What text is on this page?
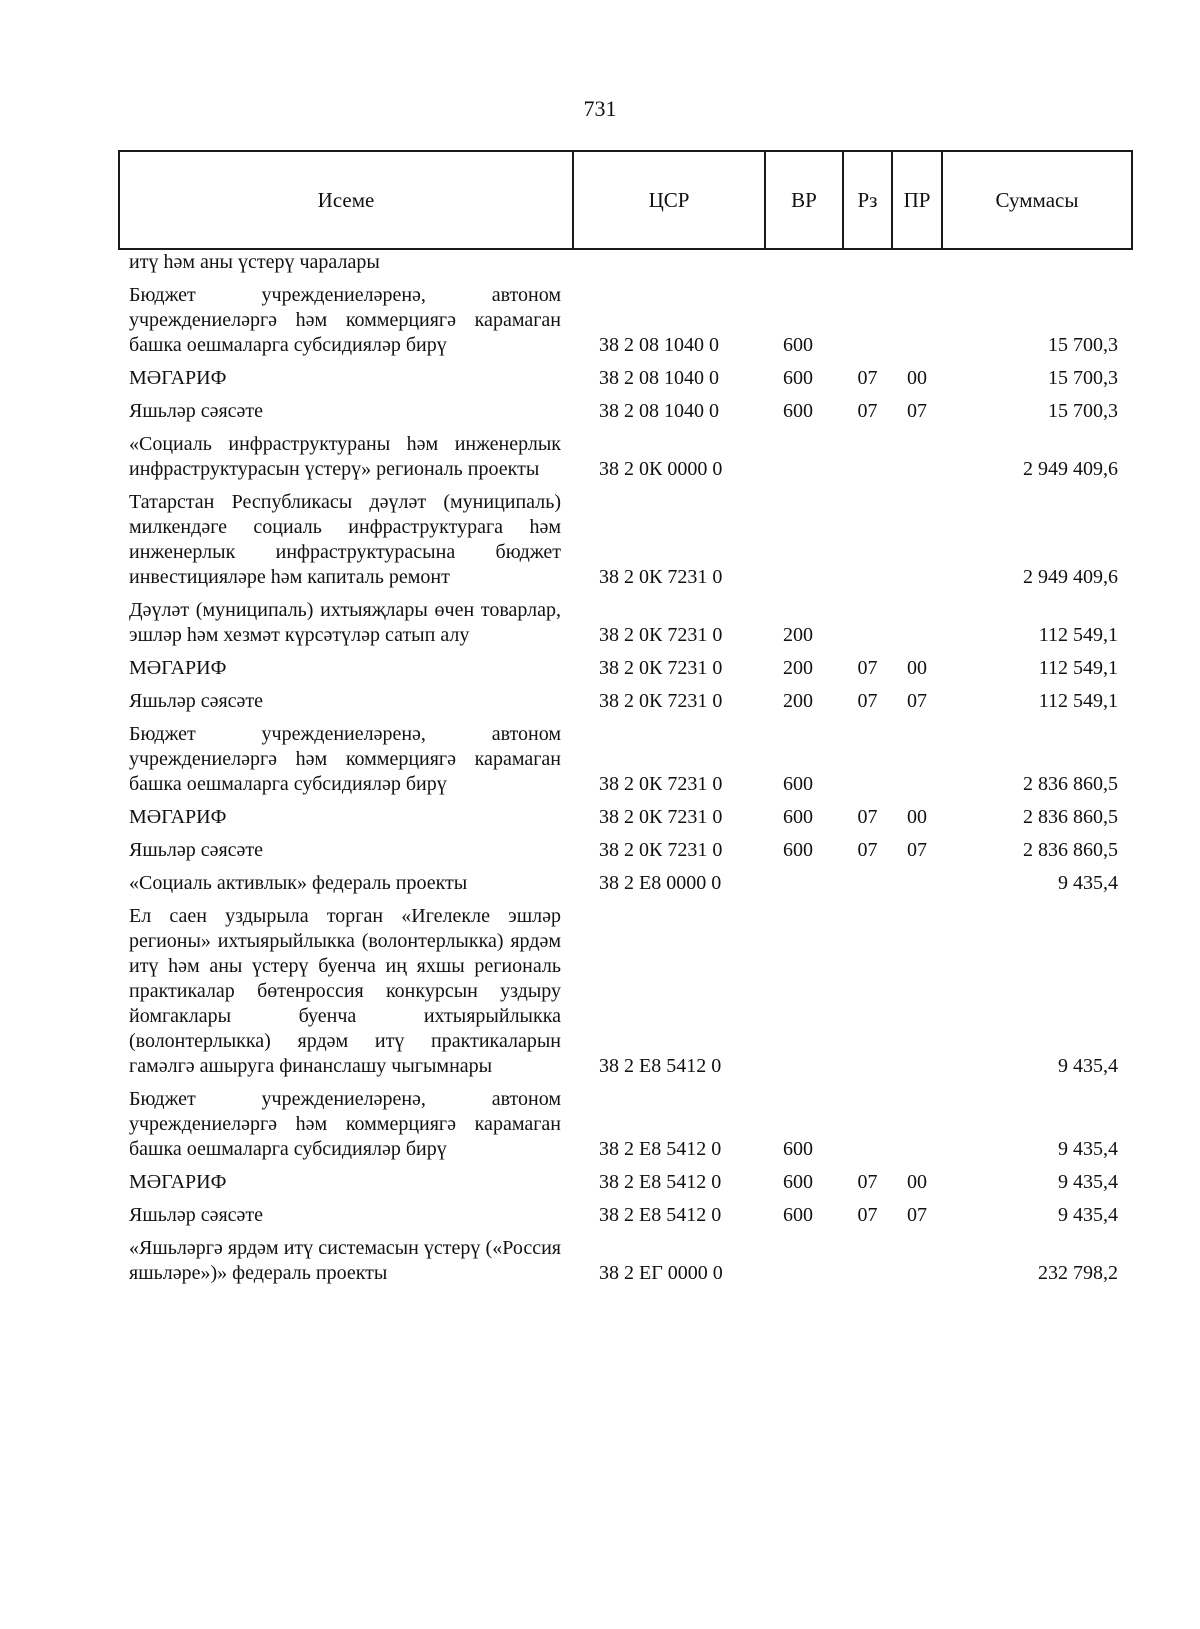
731
Исеме	ЦСР	ВР	Рз	ПР	Суммасы
итү һәм аны үстерү чаралары					
Бюджет учреждениеләренә, автоном учреждениеләргә һәм коммерциягә карамаган башка оешмаларга субсидияләр бирү	38 2 08 1040 0	600			15 700,3
МӘГАРИФ	38 2 08 1040 0	600	07	00	15 700,3
Яшьләр сәясәте	38 2 08 1040 0	600	07	07	15 700,3
«Социаль инфраструктураны һәм инженерлык инфраструктурасын үстерү» региональ проекты	38 2 0К 0000 0				2 949 409,6
Татарстан Республикасы дәүләт (муниципаль) милкендәге социаль инфраструктурага һәм инженерлык инфраструктурасына бюджет инвестицияләре һәм капиталь ремонт	38 2 0К 7231 0				2 949 409,6
Дәүләт (муниципаль) ихтыяҗлары өчен товарлар, эшләр һәм хезмәт күрсәтүләр сатып алу	38 2 0К 7231 0	200			112 549,1
МӘГАРИФ	38 2 0К 7231 0	200	07	00	112 549,1
Яшьләр сәясәте	38 2 0К 7231 0	200	07	07	112 549,1
Бюджет учреждениеләренә, автоном учреждениеләргә һәм коммерциягә карамаган башка оешмаларга субсидияләр бирү	38 2 0К 7231 0	600			2 836 860,5
МӘГАРИФ	38 2 0К 7231 0	600	07	00	2 836 860,5
Яшьләр сәясәте	38 2 0К 7231 0	600	07	07	2 836 860,5
«Социаль активлык» федераль проекты	38 2 Е8 0000 0				9 435,4
Ел саен уздырыла торган «Игелекле эшләр регионы» ихтыярыйлыкка (волонтерлыкка) ярдәм итү һәм аны үстерү буенча иң яхшы региональ практикалар бөтенроссия конкурсын уздыру йомгаклары буенча ихтыярыйлыкка (волонтерлыкка) ярдәм итү практикаларын гамәлгә ашыруга финанслашу чыгымнары	38 2 Е8 5412 0				9 435,4
Бюджет учреждениеләренә, автоном учреждениеләргә һәм коммерциягә карамаган башка оешмаларга субсидияләр бирү	38 2 Е8 5412 0	600			9 435,4
МӘГАРИФ	38 2 Е8 5412 0	600	07	00	9 435,4
Яшьләр сәясәте	38 2 Е8 5412 0	600	07	07	9 435,4
«Яшьләргә ярдәм итү системасын үстерү («Россия яшьләре»)» федераль проекты	38 2 ЕГ 0000 0				232 798,2
